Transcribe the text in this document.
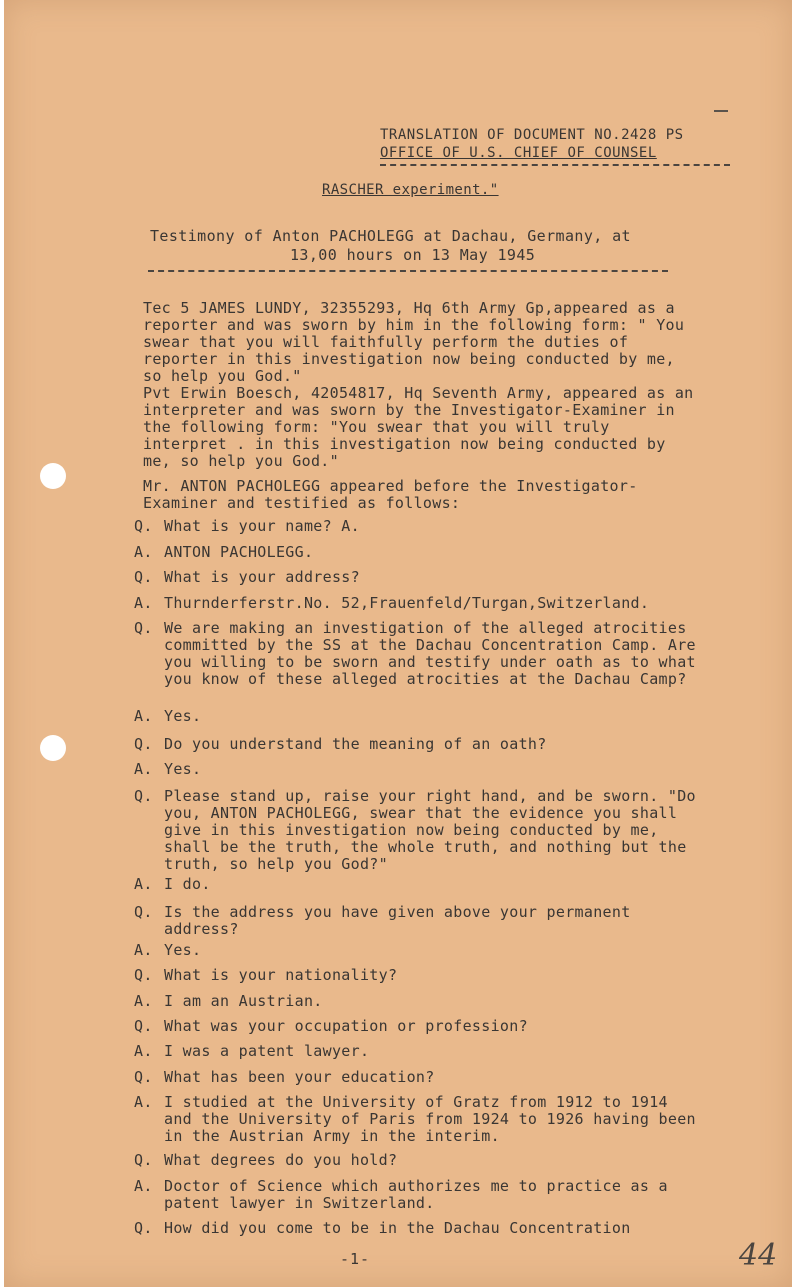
TRANSLATION OF DOCUMENT NO.2428 PS
OFFICE OF U.S. CHIEF OF COUNSEL
RASCHER experiment."
Testimony of Anton PACHOLEGG at Dachau, Germany, at
13,00 hours on 13 May 1945
Tec 5 JAMES LUNDY, 32355293, Hq 6th Army Gp,appeared as a reporter and was sworn by him in the following form: " You swear that you will faithfully perform the duties of reporter in this investigation now being conducted by me, so help you God."
Pvt Erwin Boesch, 42054817, Hq Seventh Army, appeared as an interpreter and was sworn by the Investigator-Examiner in the following form: "You swear that you will truly interpret . in this investigation now being conducted by me, so help you God."
Mr. ANTON PACHOLEGG appeared before the Investigator-Examiner and testified as follows:
Q. What is your name? A.
A. ANTON PACHOLEGG.
Q. What is your address?
A. Thurnderferstr.No. 52,Frauenfeld/Turgan,Switzerland.
Q. We are making an investigation of the alleged atrocities committed by the SS at the Dachau Concentration Camp. Are you willing to be sworn and testify under oath as to what you know of these alleged atrocities at the Dachau Camp?
A. Yes.
Q. Do you understand the meaning of an oath?
A. Yes.
Q. Please stand up, raise your right hand, and be sworn. "Do you, ANTON PACHOLEGG, swear that the evidence you shall give in this investigation now being conducted by me, shall be the truth, the whole truth, and nothing but the truth, so help you God?"
A. I do.
Q. Is the address you have given above your permanent address?
A. Yes.
Q. What is your nationality?
A. I am an Austrian.
Q. What was your occupation or profession?
A. I was a patent lawyer.
Q. What has been your education?
A. I studied at the University of Gratz from 1912 to 1914 and the University of Paris from 1924 to 1926 having been in the Austrian Army in the interim.
Q. What degrees do you hold?
A. Doctor of Science which authorizes me to practice as a patent lawyer in Switzerland.
Q. How did you come to be in the Dachau Concentration
-1-	44
